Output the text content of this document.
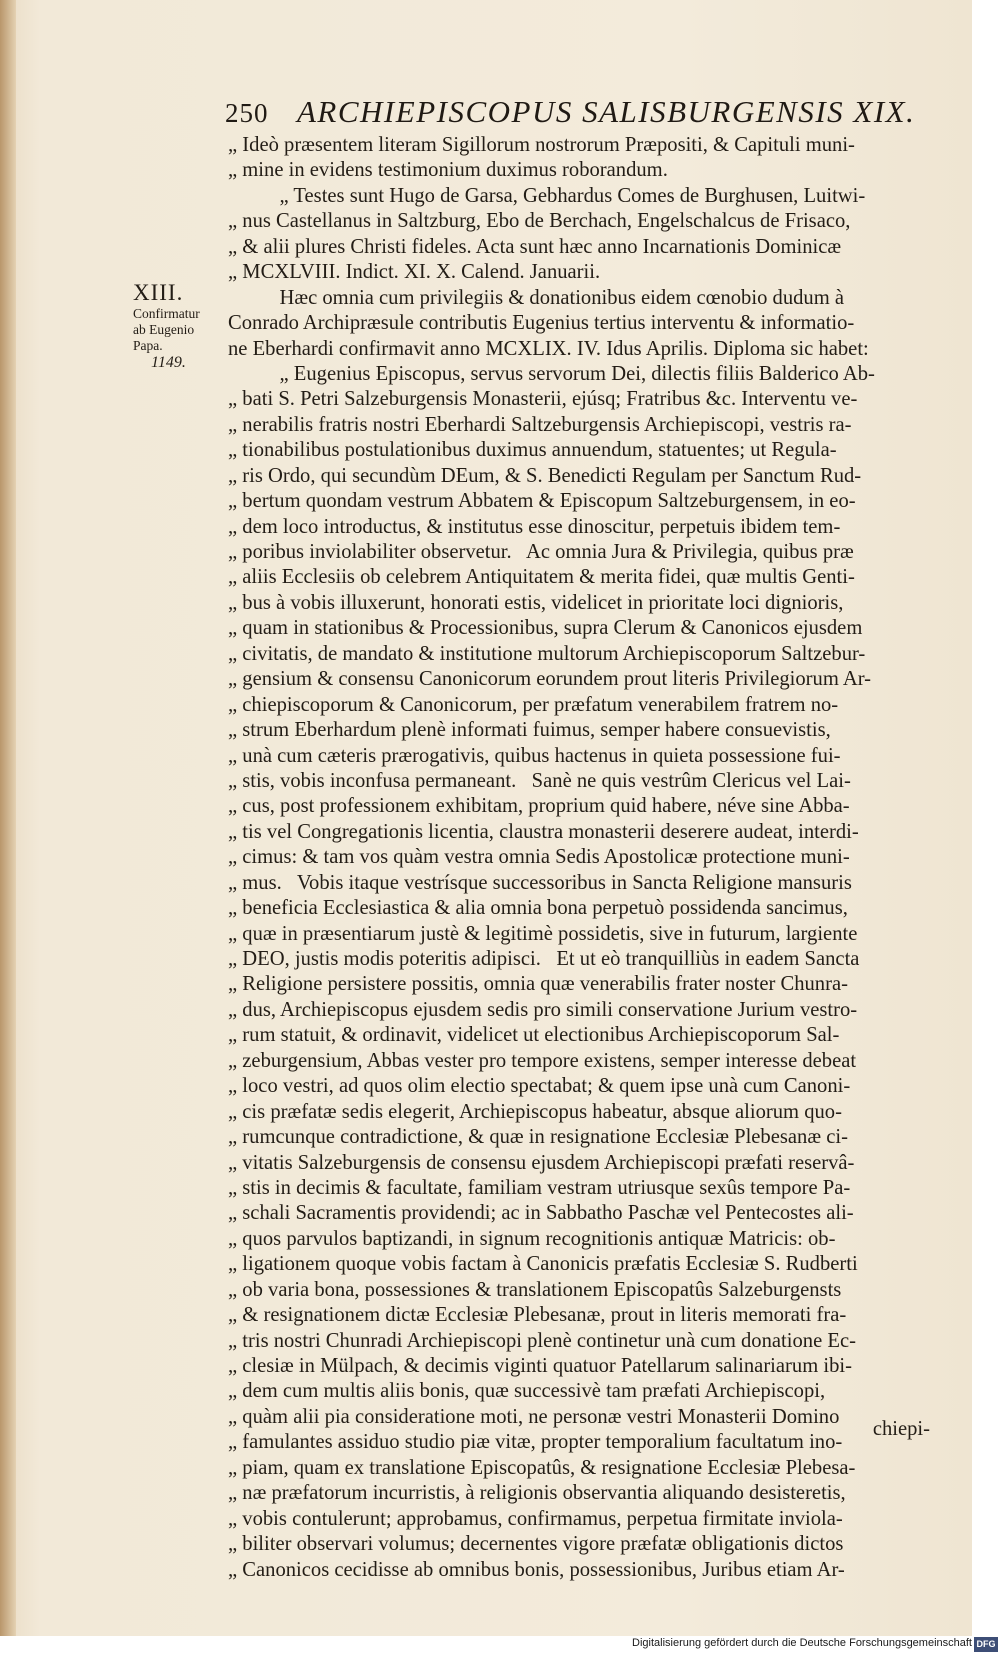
250 ARCHIEPISCOPUS SALISBURGENSIS XIX.
XIII.
Confirmatur
ab Eugenio
Papa.
1149.
„ Ideò præsentem literam Sigillorum nostrorum Præpositi, & Capituli muni-
„ mine in evidens testimonium duximus roborandum.
„ Testes sunt Hugo de Garsa, Gebhardus Comes de Burghusen, Luitwi-
„ nus Castellanus in Saltzburg, Ebo de Berchach, Engelschalcus de Frisaco,
„ & alii plures Christi fideles. Acta sunt hæc anno Incarnationis Dominicæ
„ MCXLVIII. Indict. XI. X. Calend. Januarii.
Hæc omnia cum privilegiis & donationibus eidem cœnobio dudum à
Conrado Archipræsule contributis Eugenius tertius interventu & informatio-
ne Eberhardi confirmavit anno MCXLIX. IV. Idus Aprilis. Diploma sic habet:
„ Eugenius Episcopus, servus servorum Dei, dilectis filiis Balderico Ab-
„ bati S. Petri Salzeburgensis Monasterii, ejúsq; Fratribus &c. Interventu ve-
„ nerabilis fratris nostri Eberhardi Saltzeburgensis Archiepiscopi, vestris ra-
„ tionabilibus postulationibus duximus annuendum, statuentes; ut Regula-
„ ris Ordo, qui secundùm DEum, & S. Benedicti Regulam per Sanctum Rud-
„ bertum quondam vestrum Abbatem & Episcopum Saltzeburgensem, in eo-
„ dem loco introductus, & institutus esse dinoscitur, perpetuis ibidem tem-
„ poribus inviolabiliter observetur.   Ac omnia Jura & Privilegia, quibus præ
„ aliis Ecclesiis ob celebrem Antiquitatem & merita fidei, quæ multis Genti-
„ bus à vobis illuxerunt, honorati estis, videlicet in prioritate loci dignioris,
„ quam in stationibus & Processionibus, supra Clerum & Canonicos ejusdem
„ civitatis, de mandato & institutione multorum Archiepiscoporum Saltzebur-
„ gensium & consensu Canonicorum eorundem prout literis Privilegiorum Ar-
„ chiepiscoporum & Canonicorum, per præfatum venerabilem fratrem no-
„ strum Eberhardum plenè informati fuimus, semper habere consuevistis,
„ unà cum cæteris prærogativis, quibus hactenus in quieta possessione fui-
„ stis, vobis inconfusa permaneant.   Sanè ne quis vestrûm Clericus vel Lai-
„ cus, post professionem exhibitam, proprium quid habere, néve sine Abba-
„ tis vel Congregationis licentia, claustra monasterii deserere audeat, interdi-
„ cimus: & tam vos quàm vestra omnia Sedis Apostolicæ protectione muni-
„ mus.   Vobis itaque vestrísque successoribus in Sancta Religione mansuris
„ beneficia Ecclesiastica & alia omnia bona perpetuò possidenda sancimus,
„ quæ in præsentiarum justè & legitimè possidetis, sive in futurum, largiente
„ DEO, justis modis poteritis adipisci.   Et ut eò tranquilliùs in eadem Sancta
„ Religione persistere possitis, omnia quæ venerabilis frater noster Chunra-
„ dus, Archiepiscopus ejusdem sedis pro simili conservatione Jurium vestro-
„ rum statuit, & ordinavit, videlicet ut electionibus Archiepiscoporum Sal-
„ zeburgensium, Abbas vester pro tempore existens, semper interesse debeat
„ loco vestri, ad quos olim electio spectabat; & quem ipse unà cum Canoni-
„ cis præfatæ sedis elegerit, Archiepiscopus habeatur, absque aliorum quo-
„ rumcunque contradictione, & quæ in resignatione Ecclesiæ Plebesanæ ci-
„ vitatis Salzeburgensis de consensu ejusdem Archiepiscopi præfati reservâ-
„ stis in decimis & facultate, familiam vestram utriusque sexûs tempore Pa-
„ schali Sacramentis providendi; ac in Sabbatho Paschæ vel Pentecostes ali-
„ quos parvulos baptizandi, in signum recognitionis antiquæ Matricis: ob-
„ ligationem quoque vobis factam à Canonicis præfatis Ecclesiæ S. Rudberti
„ ob varia bona, possessiones & translationem Episcopatûs Salzeburgensts
„ & resignationem dictæ Ecclesiæ Plebesanæ, prout in literis memorati fra-
„ tris nostri Chunradi Archiepiscopi plenè continetur unà cum donatione Ec-
„ clesiæ in Mülpach, & decimis viginti quatuor Patellarum salinariarum ibi-
„ dem cum multis aliis bonis, quæ successivè tam præfati Archiepiscopi,
„ quàm alii pia consideratione moti, ne personæ vestri Monasterii Domino
„ famulantes assiduo studio piæ vitæ, propter temporalium facultatum ino-
„ piam, quam ex translatione Episcopatûs, & resignatione Ecclesiæ Plebesa-
„ næ præfatorum incurristis, à religionis observantia aliquando desisteretis,
„ vobis contulerunt; approbamus, confirmamus, perpetua firmitate inviola-
„ biliter observari volumus; decernentes vigore præfatæ obligationis dictos
„ Canonicos cecidisse ab omnibus bonis, possessionibus, Juribus etiam Ar-
chiepi-
Digitalisierung gefördert durch die Deutsche Forschungsgemeinschaft DFG
